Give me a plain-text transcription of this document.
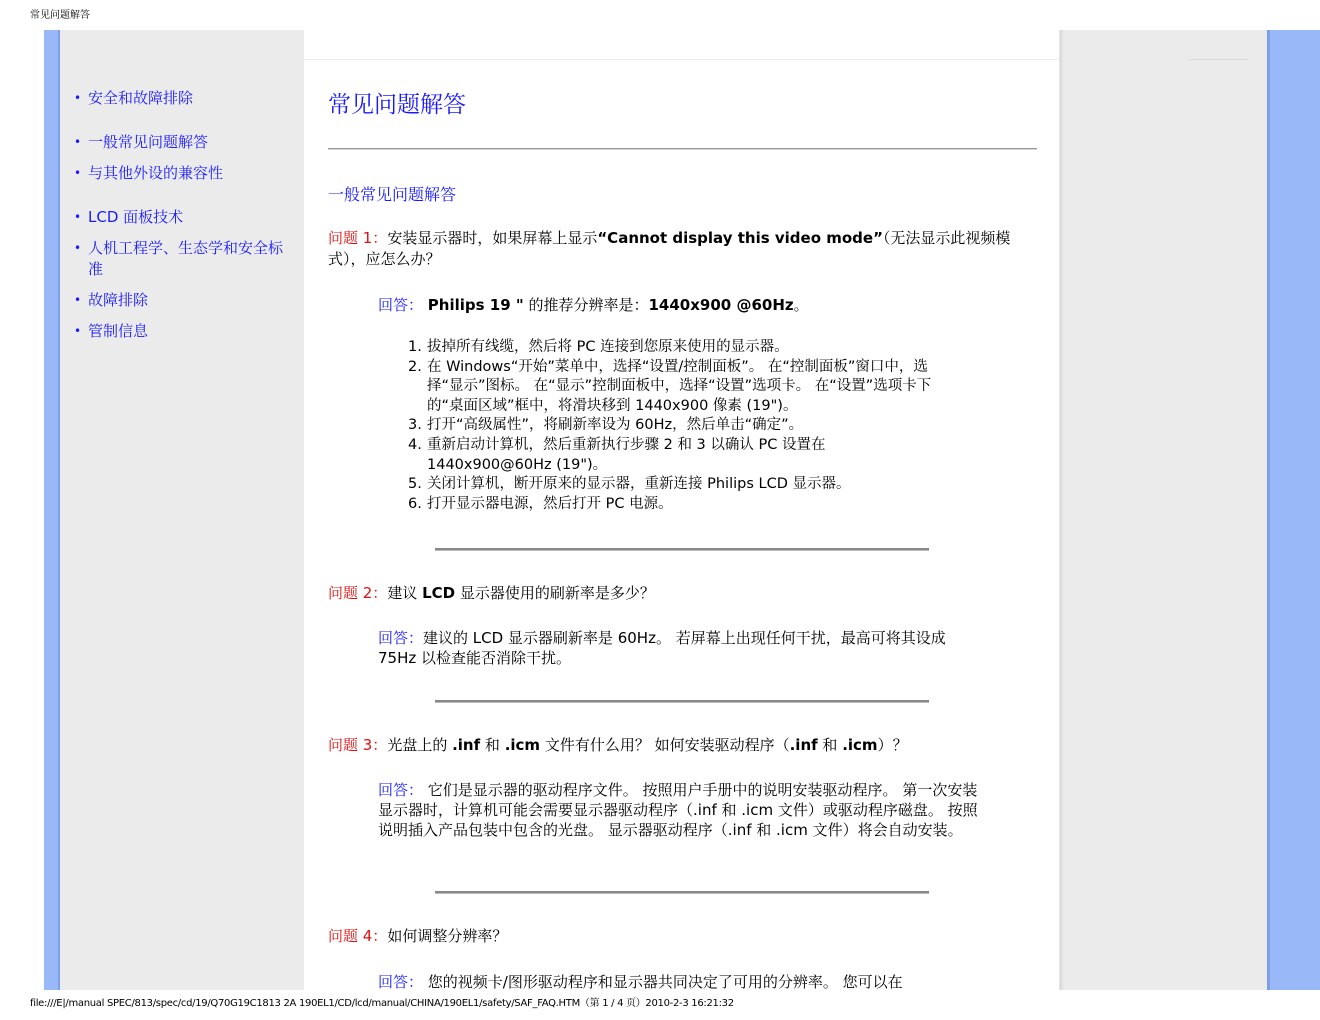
常见问题解答
• 安全和故障排除
• 一般常见问题解答
• 与其他外设的兼容性
• LCD 面板技术
• 人机工程学、生态学和安全标准
• 故障排除
• 管制信息
常见问题解答
一般常见问题解答

问题 1：安装显示器时，如果屏幕上显示“Cannot display this video mode”（无法显示此视频模式），应怎么办？

回答： Philips 19 " 的推荐分辨率是：1440x900 @60Hz。

1. 拔掉所有线缆，然后将 PC 连接到您原来使用的显示器。
2. 在 Windows“开始”菜单中，选择“设置/控制面板”。 在“控制面板”窗口中，选择“显示”图标。 在“显示”控制面板中，选择“设置”选项卡。 在“设置”选项卡下的“桌面区域”框中，将滑块移到 1440x900 像素 (19")。
3. 打开“高级属性”，将刷新率设为 60Hz，然后单击“确定”。
4. 重新启动计算机，然后重新执行步骤 2 和 3 以确认 PC 设置在 1440x900@60Hz (19")。
5. 关闭计算机，断开原来的显示器，重新连接 Philips LCD 显示器。
6. 打开显示器电源，然后打开 PC 电源。

问题 2：建议 LCD 显示器使用的刷新率是多少？

回答：建议的 LCD 显示器刷新率是 60Hz。 若屏幕上出现任何干扰，最高可将其设成 75Hz 以检查能否消除干扰。

问题 3：光盘上的 .inf 和 .icm 文件有什么用？ 如何安装驱动程序（.inf 和 .icm）？

回答： 它们是显示器的驱动程序文件。 按照用户手册中的说明安装驱动程序。 第一次安装显示器时，计算机可能会需要显示器驱动程序（.inf 和 .icm 文件）或驱动程序磁盘。 按照说明插入产品包装中包含的光盘。 显示器驱动程序（.inf 和 .icm 文件）将会自动安装。

问题 4：如何调整分辨率？

回答： 您的视频卡/图形驱动程序和显示器共同决定了可用的分辨率。 您可以在

file:///E|/manual SPEC/813/spec/cd/19/Q70G19C1813 2A 190EL1/CD/lcd/manual/CHINA/190EL1/safety/SAF_FAQ.HTM（第 1 / 4 页）2010-2-3 16:21:32
